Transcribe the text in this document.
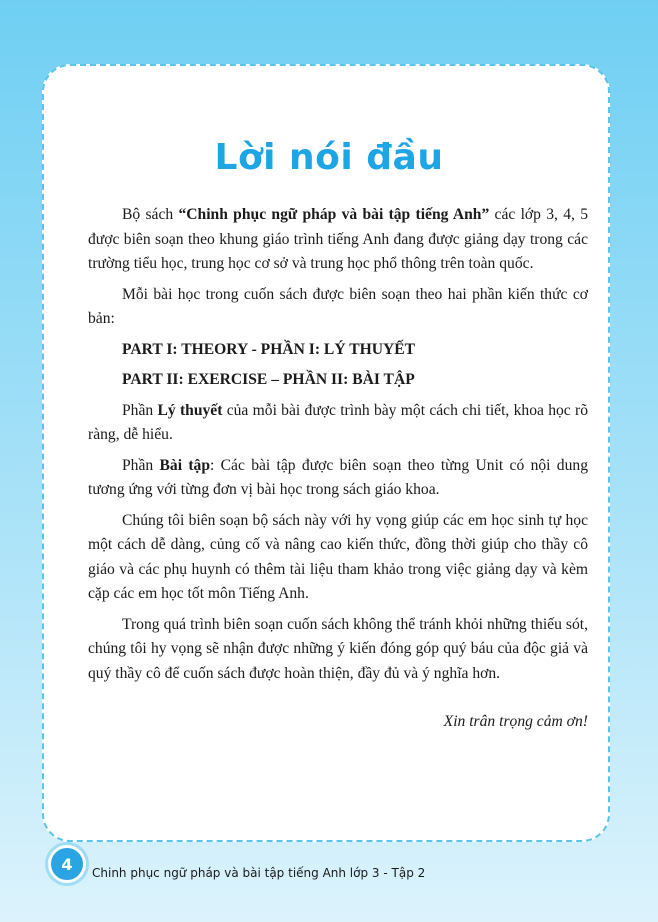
Lời nói đầu

Bộ sách “Chinh phục ngữ pháp và bài tập tiếng Anh” các lớp 3, 4, 5 được biên soạn theo khung giáo trình tiếng Anh đang được giảng dạy trong các trường tiểu học, trung học cơ sở và trung học phổ thông trên toàn quốc.

Mỗi bài học trong cuốn sách được biên soạn theo hai phần kiến thức cơ bản:

PART I: THEORY - PHẦN I: LÝ THUYẾT

PART II: EXERCISE – PHẦN II: BÀI TẬP

Phần Lý thuyết của mỗi bài được trình bày một cách chi tiết, khoa học rõ ràng, dễ hiểu.

Phần Bài tập: Các bài tập được biên soạn theo từng Unit có nội dung tương ứng với từng đơn vị bài học trong sách giáo khoa.

Chúng tôi biên soạn bộ sách này với hy vọng giúp các em học sinh tự học một cách dễ dàng, củng cố và nâng cao kiến thức, đồng thời giúp cho thầy cô giáo và các phụ huynh có thêm tài liệu tham khảo trong việc giảng dạy và kèm cặp các em học tốt môn Tiếng Anh.

Trong quá trình biên soạn cuốn sách không thể tránh khỏi những thiếu sót, chúng tôi hy vọng sẽ nhận được những ý kiến đóng góp quý báu của độc giả và quý thầy cô để cuốn sách được hoàn thiện, đầy đủ và ý nghĩa hơn.

Xin trân trọng cảm ơn!

4 Chinh phục ngữ pháp và bài tập tiếng Anh lớp 3 - Tập 2
